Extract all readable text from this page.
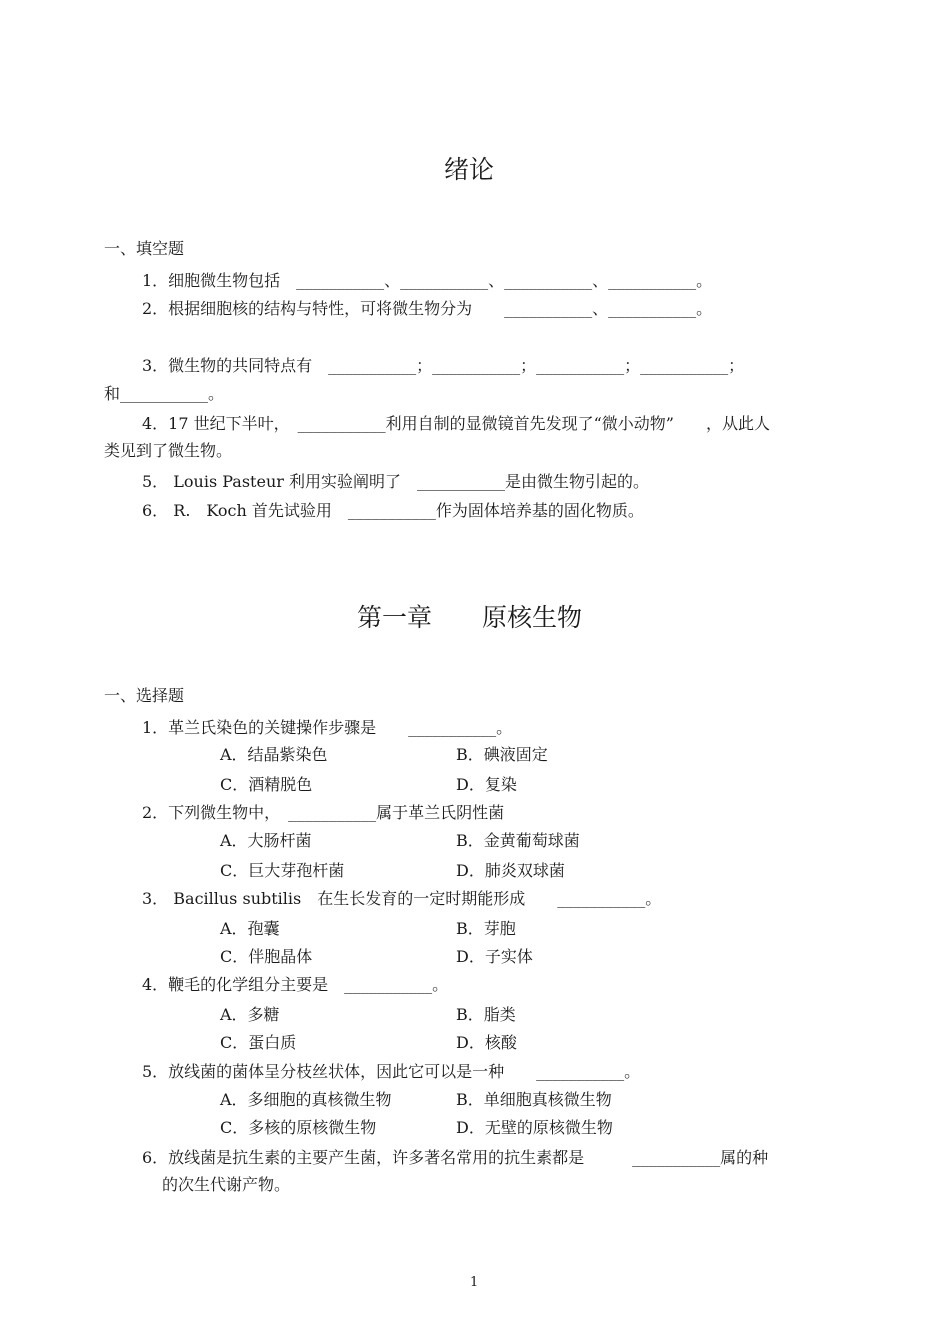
绪论
一、填空题
1．细胞微生物包括　___________、___________、___________、___________。
2．根据细胞核的结构与特性，可将微生物分为　　___________、___________。
3．微生物的共同特点有　___________；___________；___________；___________；
和___________。
4．17 世纪下半叶，　___________利用自制的显微镜首先发现了“微小动物”　　，从此人
类见到了微生物。
5． Louis Pasteur 利用实验阐明了　___________是由微生物引起的。
6． R.　Koch 首先试验用　___________作为固体培养基的固化物质。
第一章　　原核生物
一、选择题
1．革兰氏染色的关键操作步骤是　　___________。
A．结晶紫染色	B．碘液固定
C．酒精脱色	D．复染
2．下列微生物中，　___________属于革兰氏阴性菌
A．大肠杆菌	B．金黄葡萄球菌
C．巨大芽孢杆菌	D．肺炎双球菌
3． Bacillus subtilis　在生长发育的一定时期能形成　　___________。
A．孢囊	B．芽胞
C．伴胞晶体	D．子实体
4．鞭毛的化学组分主要是　___________。
A．多糖	B．脂类
C．蛋白质	D．核酸
5．放线菌的菌体呈分枝丝状体，因此它可以是一种　　___________。
A．多细胞的真核微生物	B．单细胞真核微生物
C．多核的原核微生物	D．无壁的原核微生物
6．放线菌是抗生素的主要产生菌，许多著名常用的抗生素都是　　　___________属的种
的次生代谢产物。
1
